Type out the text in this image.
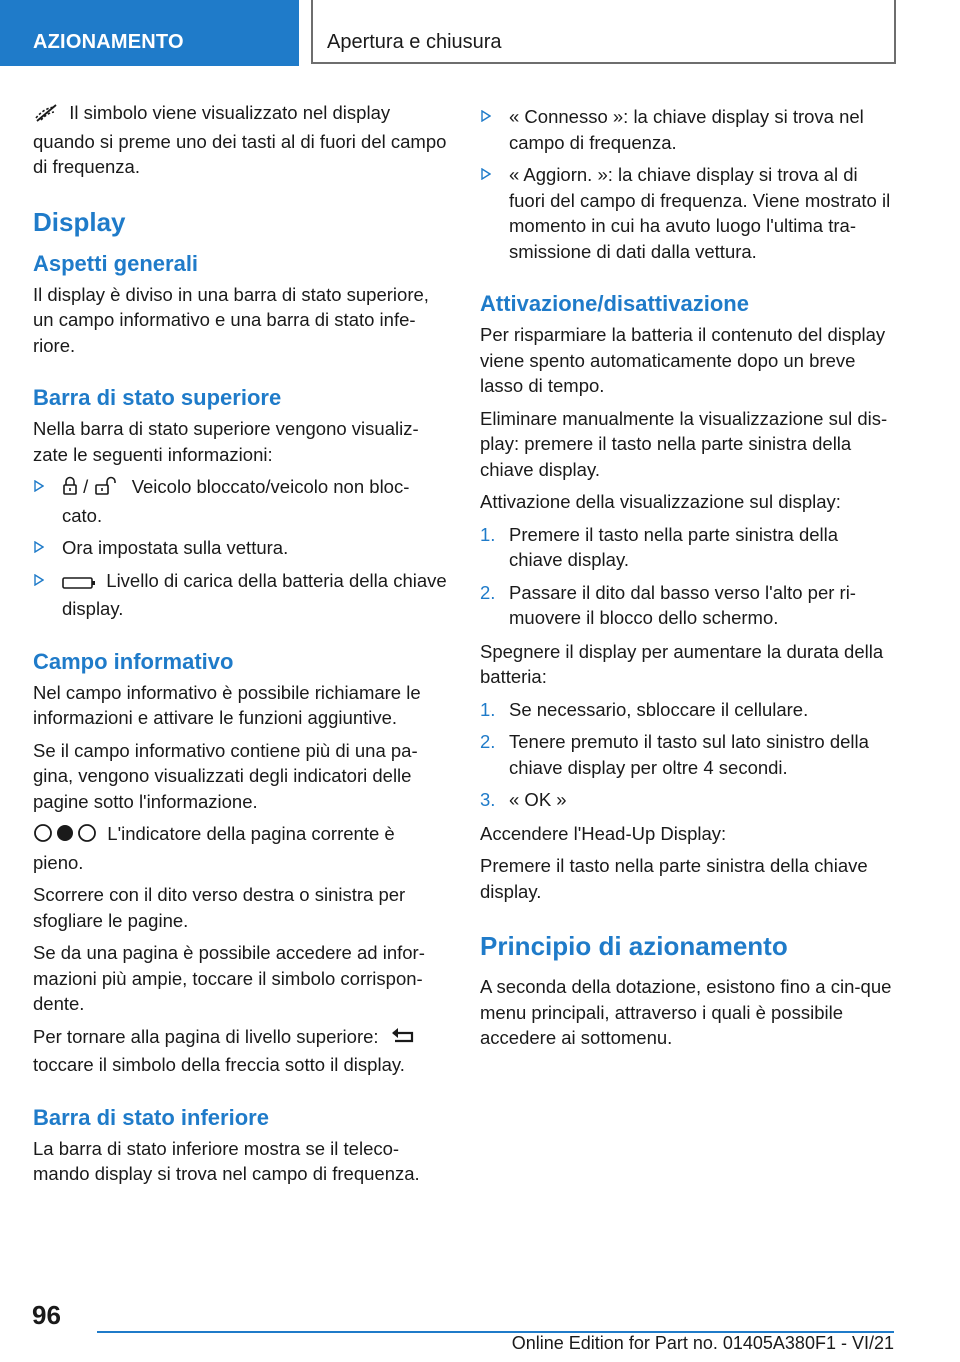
AZIONAMENTO	Apertura e chiusura

Il simbolo viene visualizzato nel display quando si preme uno dei tasti al di fuori del campo di frequenza.

Display
Aspetti generali

Il display è diviso in una barra di stato superiore, un campo informativo e una barra di stato infe-riore.

Barra di stato superiore

Nella barra di stato superiore vengono visualiz-zate le seguenti informazioni:

/ Veicolo bloccato/veicolo non bloc-cato.
Ora impostata sulla vettura.
Livello di carica della batteria della chiave display.
Campo informativo

Nel campo informativo è possibile richiamare le informazioni e attivare le funzioni aggiuntive.

Se il campo informativo contiene più di una pa-gina, vengono visualizzati degli indicatori delle pagine sotto l'informazione.

L'indicatore della pagina corrente è pieno.

Scorrere con il dito verso destra o sinistra per sfogliare le pagine.

Se da una pagina è possibile accedere ad infor-mazioni più ampie, toccare il simbolo corrispon-dente.

Per tornare alla pagina di livello superiore:
toccare il simbolo della freccia sotto il display.

Barra di stato inferiore

La barra di stato inferiore mostra se il teleco-mando display si trova nel campo di frequenza.

« Connesso »: la chiave display si trova nel campo di frequenza.
« Aggiorn. »: la chiave display si trova al di fuori del campo di frequenza. Viene mostrato il momento in cui ha avuto luogo l'ultima tra-smissione di dati dalla vettura.
Attivazione/disattivazione

Per risparmiare la batteria il contenuto del display viene spento automaticamente dopo un breve lasso di tempo.

Eliminare manualmente la visualizzazione sul dis-play: premere il tasto nella parte sinistra della chiave display.

Attivazione della visualizzazione sul display:

1. Premere il tasto nella parte sinistra della chiave display.
2. Passare il dito dal basso verso l'alto per ri-muovere il blocco dello schermo.

Spegnere il display per aumentare la durata della batteria:

1. Se necessario, sbloccare il cellulare.
2. Tenere premuto il tasto sul lato sinistro della chiave display per oltre 4 secondi.
3. « OK »

Accendere l'Head-Up Display:

Premere il tasto nella parte sinistra della chiave display.

Principio di azionamento

A seconda della dotazione, esistono fino a cin-que menu principali, attraverso i quali è possibile accedere ai sottomenu.

96
Online Edition for Part no. 01405A380F1 - VI/21
